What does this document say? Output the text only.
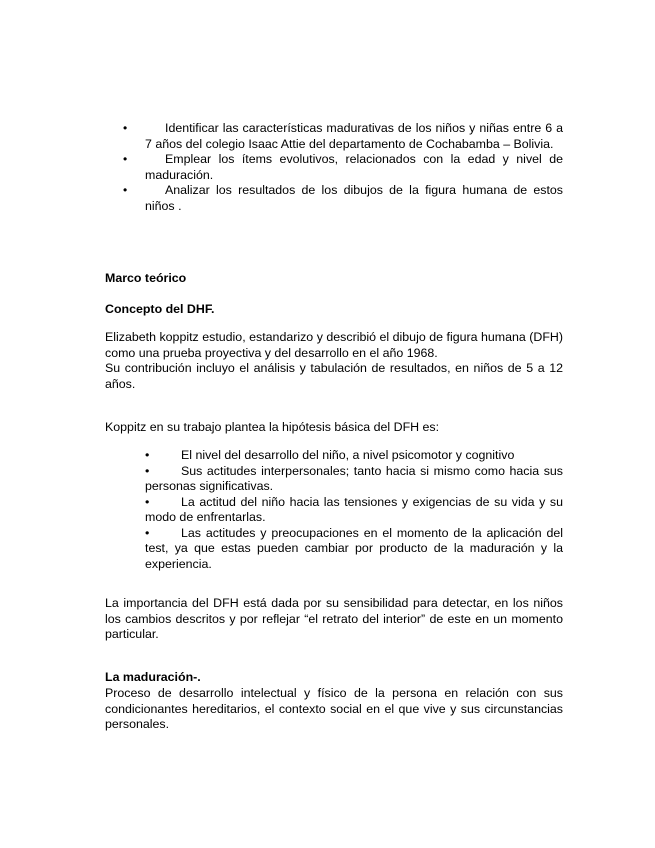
•	Identificar las características madurativas de los niños y niñas entre 6 a 7 años del colegio Isaac Attie del departamento de Cochabamba – Bolivia.
•	Emplear los ítems evolutivos, relacionados con la edad y nivel de maduración.
•	Analizar los resultados de los dibujos de la figura humana de estos niños .
Marco teórico
Concepto del DHF.
Elizabeth koppitz estudio, estandarizo y describió el dibujo de figura humana (DFH) como una prueba proyectiva y del desarrollo en el año 1968.
Su contribución incluyo el análisis y tabulación de resultados, en niños de 5 a 12 años.

Koppitz en su trabajo plantea la hipótesis básica del DFH es:

•	El nivel del desarrollo del niño, a nivel psicomotor y cognitivo
•	Sus actitudes interpersonales; tanto hacia si mismo como hacia sus personas significativas.
•	La actitud del niño hacia las tensiones y exigencias de su vida y su modo de enfrentarlas.
•	Las actitudes y preocupaciones en el momento de la aplicación del test, ya que estas pueden cambiar por producto de la maduración y la experiencia.

La importancia del DFH está dada por su sensibilidad para detectar, en los niños los cambios descritos y por reflejar “el retrato del interior” de este en un momento particular.

La maduración-.

Proceso de desarrollo intelectual y físico de la persona en relación con sus condicionantes hereditarios, el contexto social en el que vive y sus circunstancias personales.
